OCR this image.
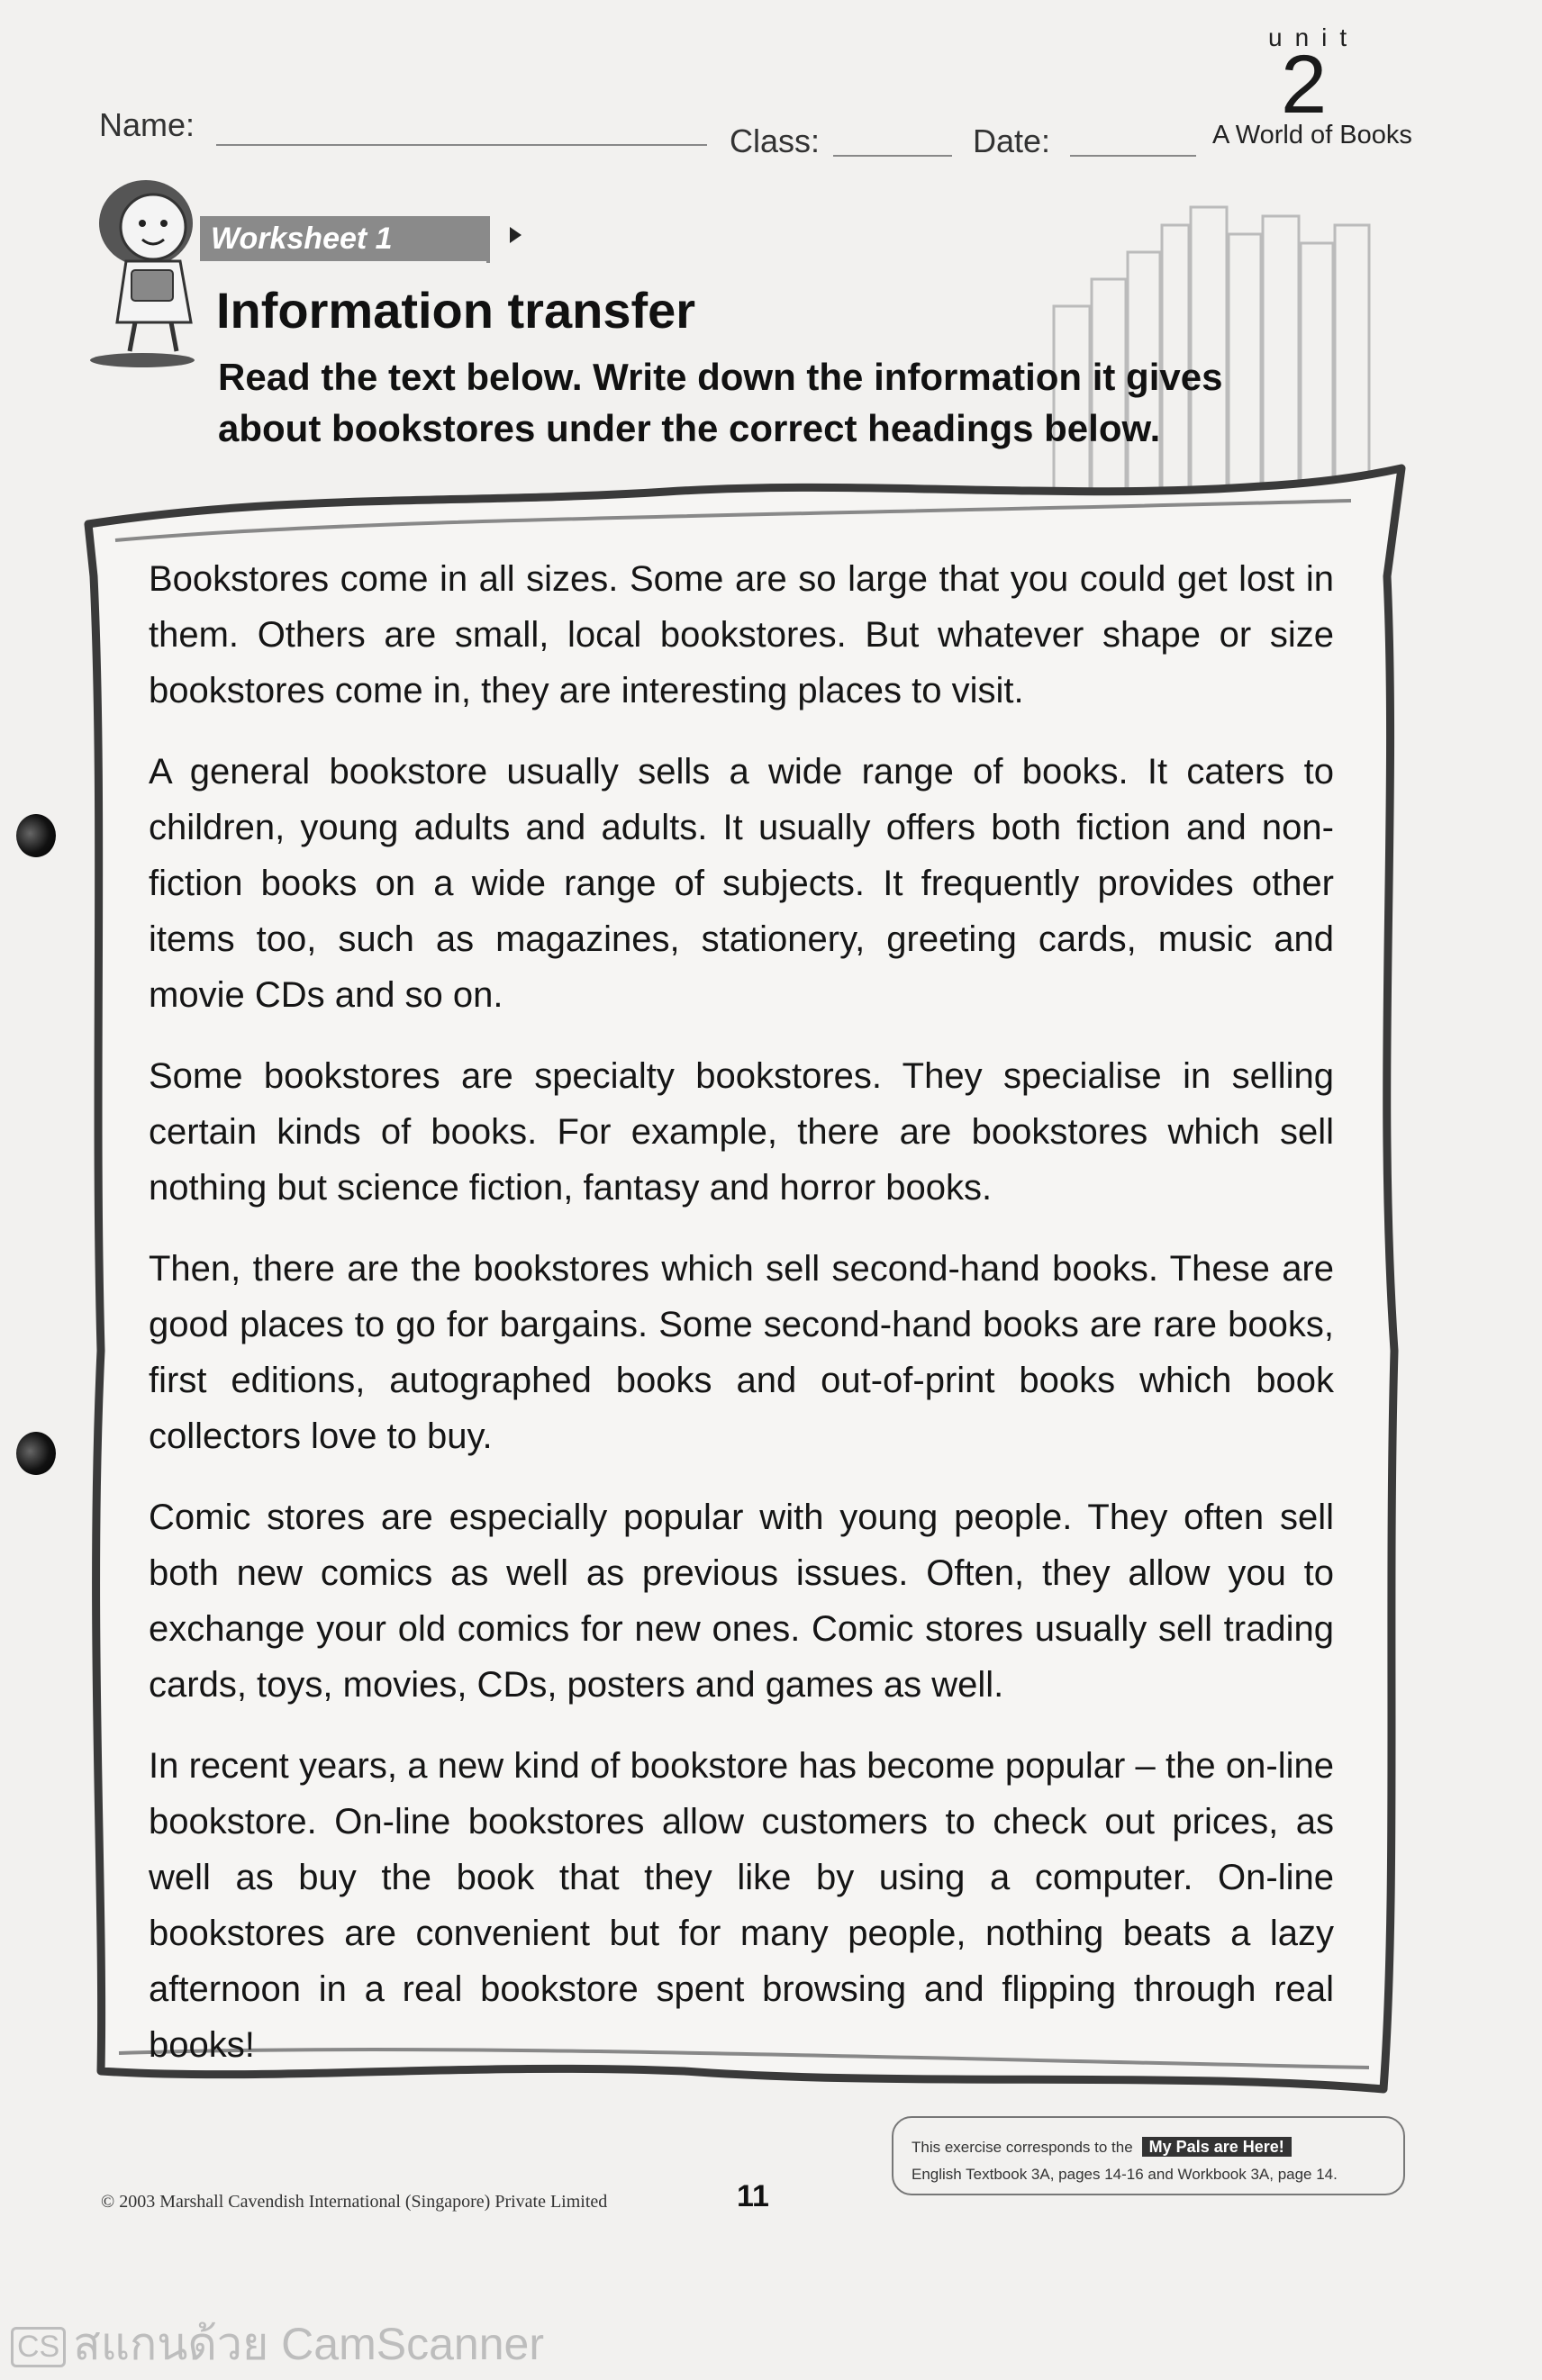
Name:	Class:	Date:
unit
2
A World of Books
Worksheet 1
Information transfer
Read the text below. Write down the information it gives about bookstores under the correct headings below.

Bookstores come in all sizes. Some are so large that you could get lost in them. Others are small, local bookstores. But whatever shape or size bookstores come in, they are interesting places to visit.

A general bookstore usually sells a wide range of books. It caters to children, young adults and adults. It usually offers both fiction and non-fiction books on a wide range of subjects. It frequently provides other items too, such as magazines, stationery, greeting cards, music and movie CDs and so on.

Some bookstores are specialty bookstores. They specialise in selling certain kinds of books. For example, there are bookstores which sell nothing but science fiction, fantasy and horror books.

Then, there are the bookstores which sell second-hand books. These are good places to go for bargains. Some second-hand books are rare books, first editions, autographed books and out-of-print books which book collectors love to buy.

Comic stores are especially popular with young people. They often sell both new comics as well as previous issues. Often, they allow you to exchange your old comics for new ones. Comic stores usually sell trading cards, toys, movies, CDs, posters and games as well.

In recent years, a new kind of bookstore has become popular – the on-line bookstore. On-line bookstores allow customers to check out prices, as well as buy the book that they like by using a computer. On-line bookstores are convenient but for many people, nothing beats a lazy afternoon in a real bookstore spent browsing and flipping through real books!

This exercise corresponds to the My Pals are Here!
English Textbook 3A, pages 14-16 and Workbook 3A, page 14.
© 2003 Marshall Cavendish International (Singapore) Private Limited	11
CS สแกนด้วย CamScanner
